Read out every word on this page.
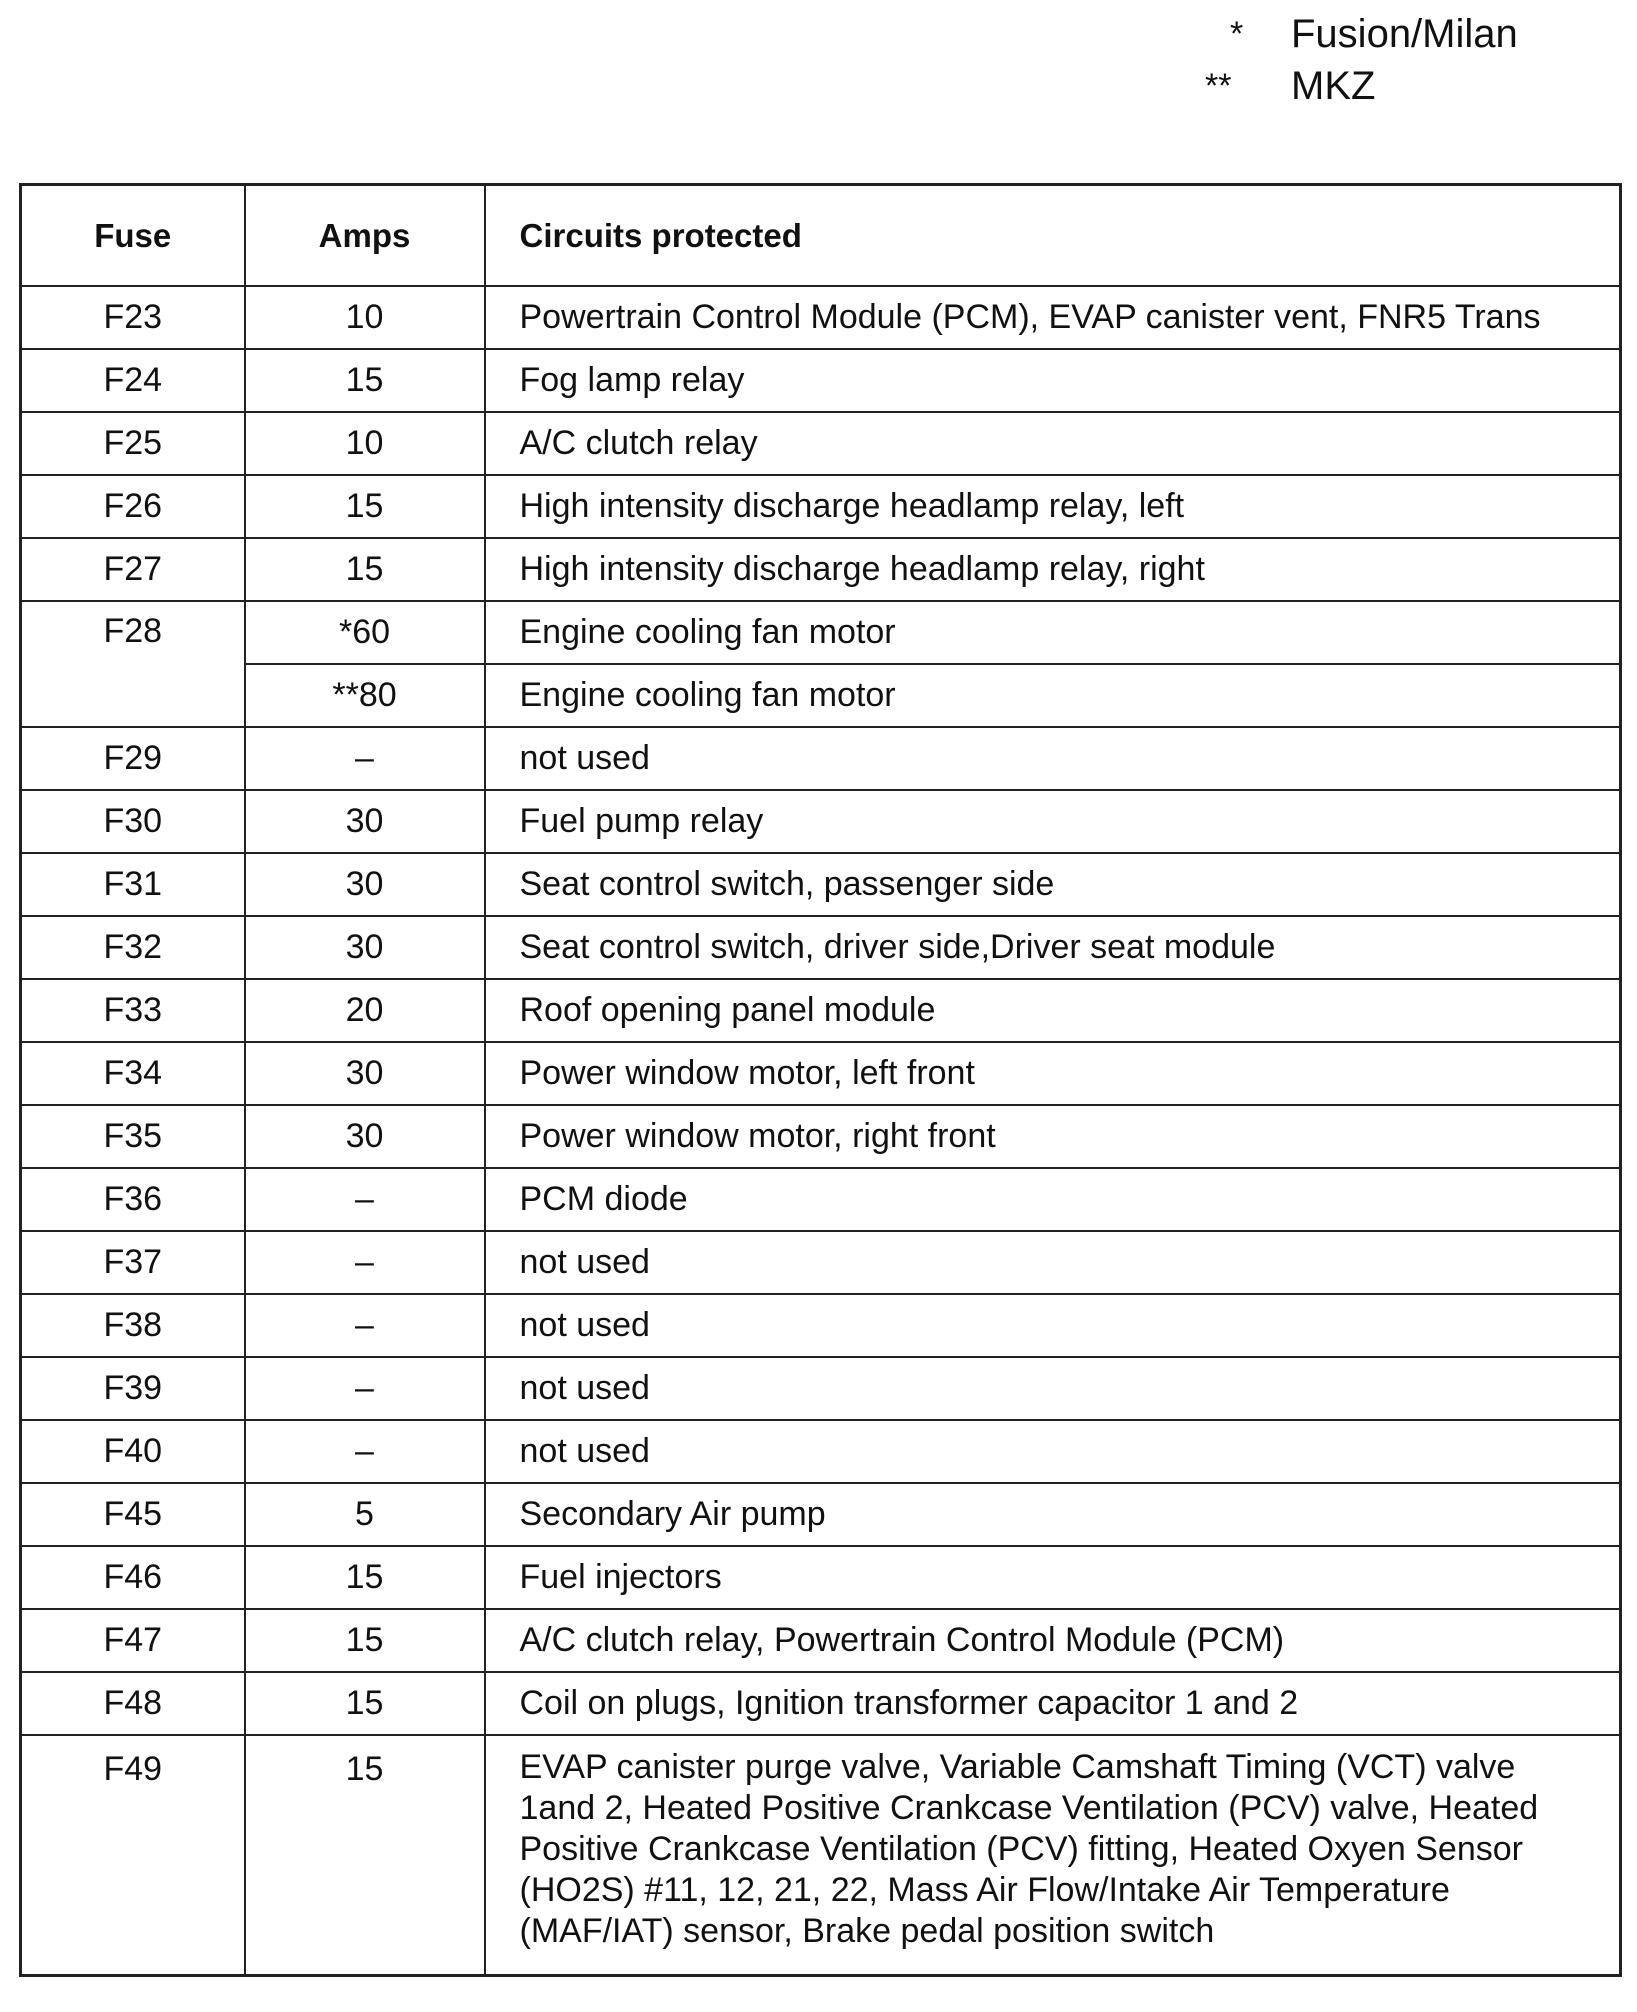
*	Fusion/Milan
**	MKZ
Fuse	Amps	Circuits protected
F23	10	Powertrain Control Module (PCM), EVAP canister vent, FNR5 Trans
F24	15	Fog lamp relay
F25	10	A/C clutch relay
F26	15	High intensity discharge headlamp relay, left
F27	15	High intensity discharge headlamp relay, right
F28	*60	Engine cooling fan motor
	**80	Engine cooling fan motor
F29	–	not used
F30	30	Fuel pump relay
F31	30	Seat control switch, passenger side
F32	30	Seat control switch, driver side,Driver seat module
F33	20	Roof opening panel module
F34	30	Power window motor, left front
F35	30	Power window motor, right front
F36	–	PCM diode
F37	–	not used
F38	–	not used
F39	–	not used
F40	–	not used
F45	5	Secondary Air pump
F46	15	Fuel injectors
F47	15	A/C clutch relay, Powertrain Control Module (PCM)
F48	15	Coil on plugs, Ignition transformer capacitor 1 and 2
F49	15	EVAP canister purge valve, Variable Camshaft Timing (VCT) valve 1and 2, Heated Positive Crankcase Ventilation (PCV) valve, Heated Positive Crankcase Ventilation (PCV) fitting, Heated Oxyen Sensor (HO2S) #11, 12, 21, 22, Mass Air Flow/Intake Air Temperature (MAF/IAT) sensor, Brake pedal position switch
